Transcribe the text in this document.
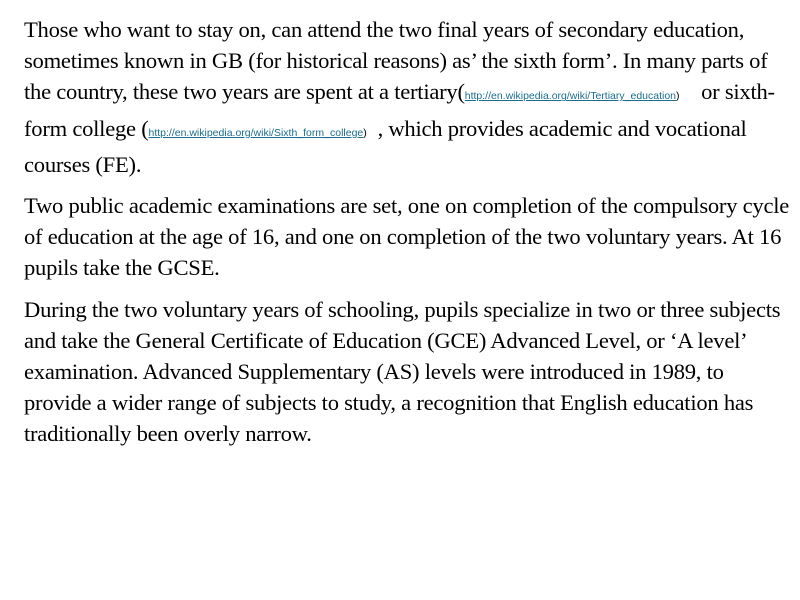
Those who want to stay on, can attend the two final years of secondary education, sometimes known in GB (for historical reasons) as’ the sixth form’. In many parts of the country, these two years are spent at a tertiary(http://en.wikipedia.org/wiki/Tertiary_education)    or sixth-form college (http://en.wikipedia.org/wiki/Sixth_form_college)  , which provides academic and vocational courses (FE).

Two public academic examinations are set, one on completion of the compulsory cycle of education at the age of 16, and one on completion of the two voluntary years. At 16 pupils take the GCSE.

During the two voluntary years of schooling, pupils specialize in two or three subjects and take the General Certificate of Education (GCE) Advanced Level, or ‘A level’ examination. Advanced Supplementary (AS) levels were introduced in 1989, to provide a wider range of subjects to study, a recognition that English education has traditionally been overly narrow.
